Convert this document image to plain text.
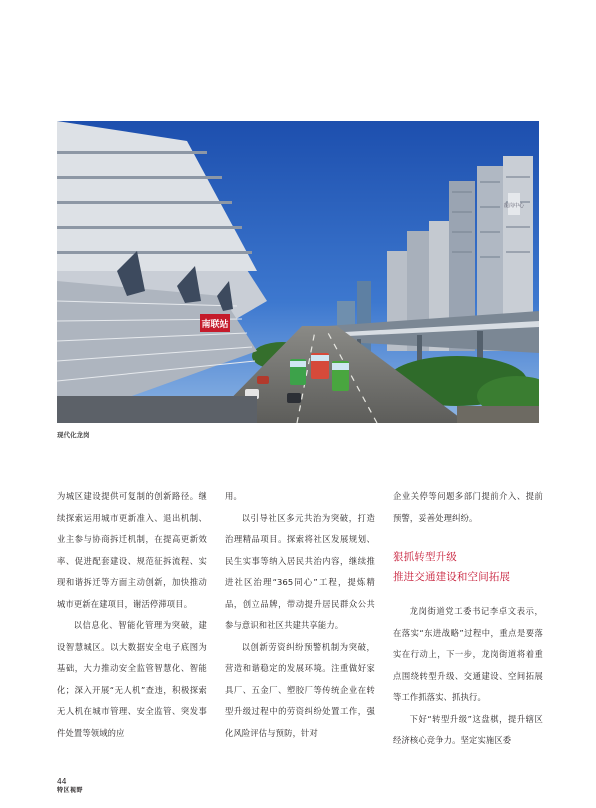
龍岗中心
南联站
现代化龙岗

为城区建设提供可复制的创新路径。继续探索运用城市更新准入、退出机制、业主参与协商拆迁机制，在提高更新效率、促进配套建设、规范征拆流程、实现和谐拆迁等方面主动创新，加快推动城市更新在建项目，谢活停滞项目。

以信息化、智能化管理为突破，建设智慧城区。以大数据安全电子底图为基础，大力推动安全监管智慧化、智能化；深入开展“无人机”查违，积极探索无人机在城市管理、安全监管、突发事件处置等领域的应

用。

以引导社区多元共治为突破，打造治理精品项目。探索将社区发展规划、民生实事等纳入居民共治内容，继续推进社区治理“365同心”工程，提炼精品，创立品牌，带动提升居民群众公共参与意识和社区共建共享能力。

以创新劳资纠纷预警机制为突破，营造和谐稳定的发展环境。注重做好家具厂、五金厂、塑胶厂等传统企业在转型升级过程中的劳资纠纷处置工作，强化风险评估与预防，针对

企业关停等问题多部门提前介入、提前预警，妥善处理纠纷。

狠抓转型升级
推进交通建设和空间拓展

龙岗街道党工委书记李卓文表示，在落实“东进战略”过程中，重点是要落实在行动上，下一步，龙岗街道将着重点围绕转型升级、交通建设、空间拓展等工作抓落实、抓执行。

下好“转型升级”这盘棋，提升辖区经济核心竞争力。坚定实施区委

44
特区视野
